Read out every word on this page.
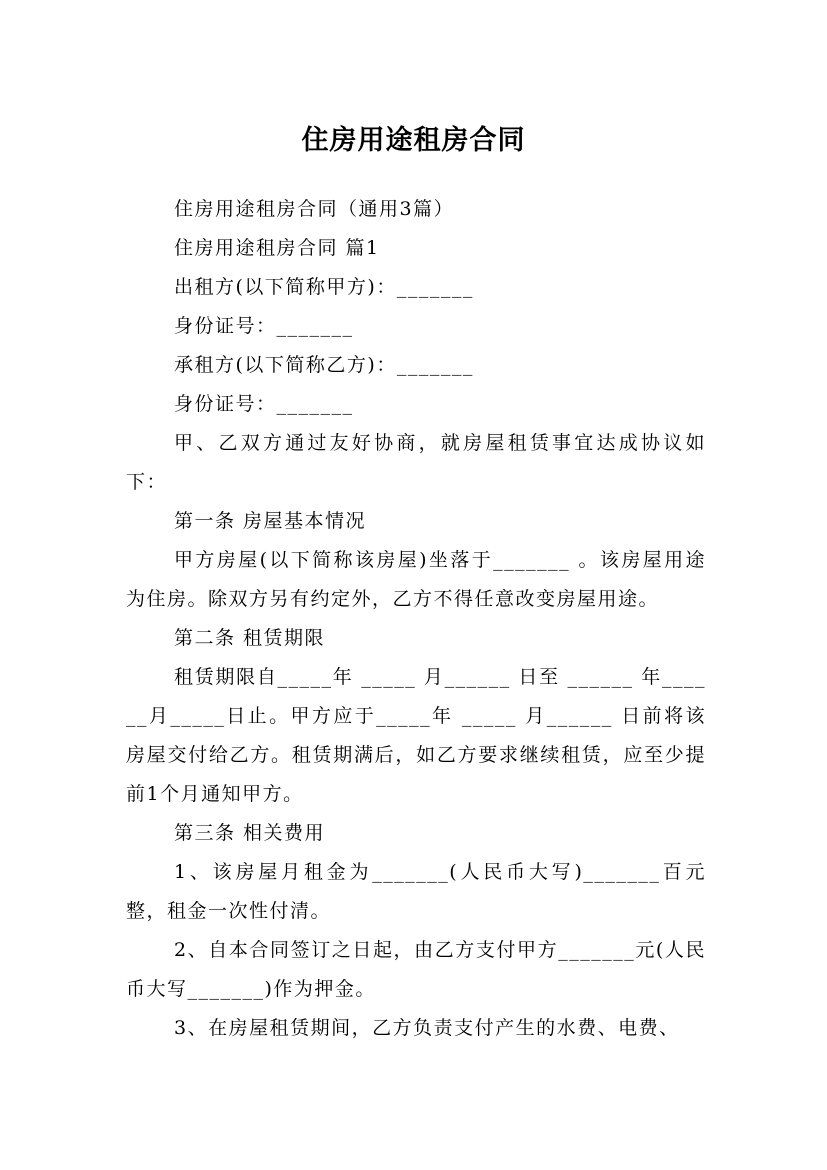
住房用途租房合同

住房用途租房合同（通用3篇）

住房用途租房合同 篇1

出租方(以下简称甲方)：_______

身份证号：_______

承租方(以下简称乙方)：_______

身份证号：_______

甲、乙双方通过友好协商，就房屋租赁事宜达成协议如下：

第一条 房屋基本情况

甲方房屋(以下简称该房屋)坐落于_______ 。该房屋用途为住房。除双方另有约定外，乙方不得任意改变房屋用途。

第二条 租赁期限

租赁期限自_____年 _____ 月______ 日至 ______ 年______月_____日止。甲方应于_____年 _____ 月______ 日前将该房屋交付给乙方。租赁期满后，如乙方要求继续租赁，应至少提前1个月通知甲方。

第三条 相关费用

1、该房屋月租金为_______(人民币大写)_______百元整，租金一次性付清。

2、自本合同签订之日起，由乙方支付甲方_______元(人民币大写_______)作为押金。

3、在房屋租赁期间，乙方负责支付产生的水费、电费、
